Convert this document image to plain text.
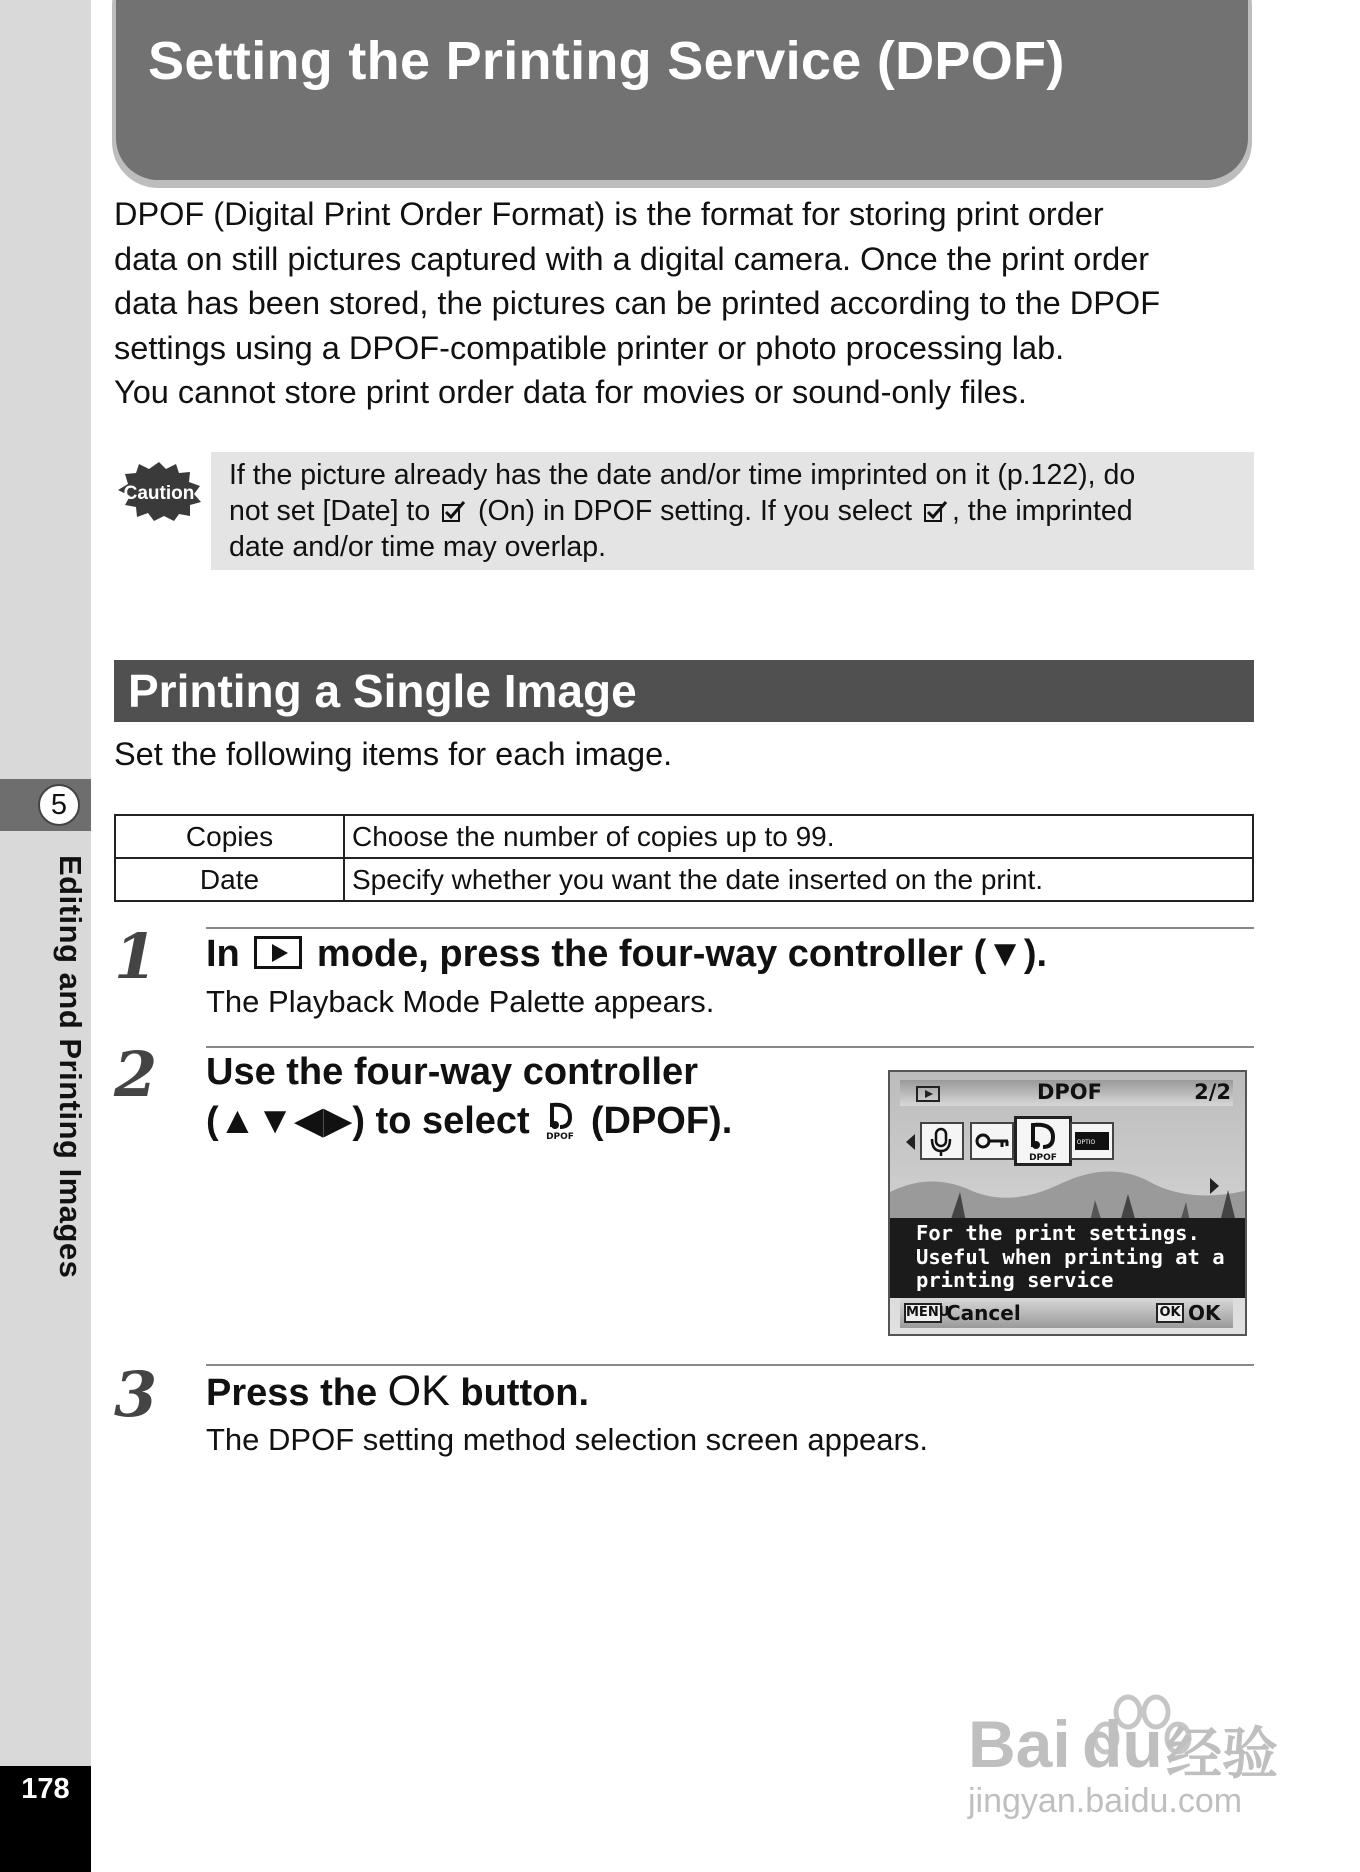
5
Editing and Printing Images
178
Setting the Printing Service (DPOF)

DPOF (Digital Print Order Format) is the format for storing print order

data on still pictures captured with a digital camera. Once the print order

data has been stored, the pictures can be printed according to the DPOF

settings using a DPOF-compatible printer or photo processing lab.

You cannot store print order data for movies or sound-only files.

Caution

If the picture already has the date and/or time imprinted on it (p.122), do

not set [Date] to (On) in DPOF setting. If you select , the imprinted

date and/or time may overlap.

Printing a Single Image
Set the following items for each image.
Copies	Choose the number of copies up to 99.
Date	Specify whether you want the date inserted on the print.
1 In mode, press the four-way controller (▼).
The Playback Mode Palette appears.
2 Use the four-way controller
(▲▼◀▶) to select DPOF (DPOF).
DPOF	2/2
DPOF
OPTIO
For the print settings.
Useful when printing at a
printing service
MENU
Cancel	OK OK
3 Press the OK button.
The DPOF setting method selection screen appears.
Bai du 经验
jingyan.baidu.com
